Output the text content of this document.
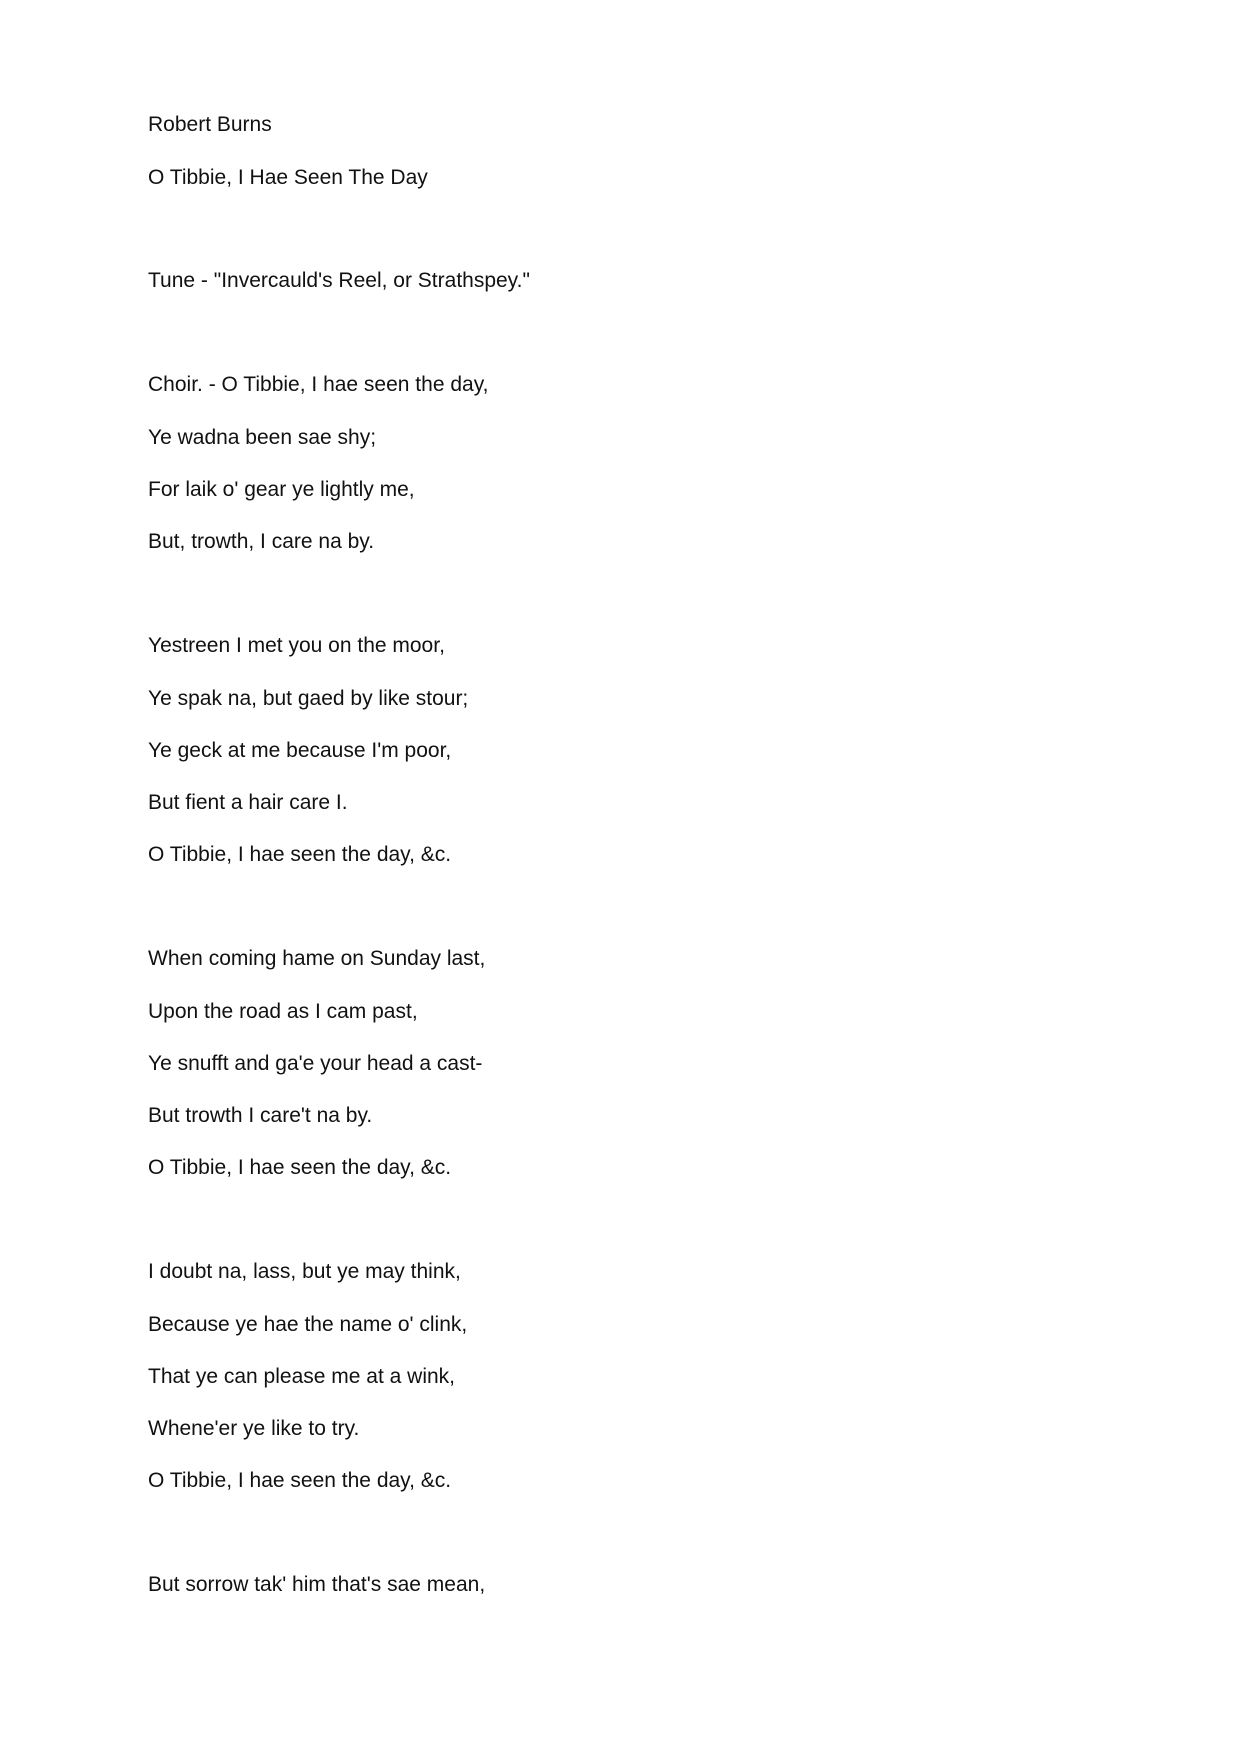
Robert Burns

O Tibbie, I Hae Seen The Day

Tune - "Invercauld's Reel, or Strathspey."

Choir. - O Tibbie, I hae seen the day,

Ye wadna been sae shy;

For laik o' gear ye lightly me,

But, trowth, I care na by.

Yestreen I met you on the moor,

Ye spak na, but gaed by like stour;

Ye geck at me because I'm poor,

But fient a hair care I.

O Tibbie, I hae seen the day, &c.

When coming hame on Sunday last,

Upon the road as I cam past,

Ye snufft and ga'e your head a cast-

But trowth I care't na by.

O Tibbie, I hae seen the day, &c.

I doubt na, lass, but ye may think,

Because ye hae the name o' clink,

That ye can please me at a wink,

Whene'er ye like to try.

O Tibbie, I hae seen the day, &c.

But sorrow tak' him that's sae mean,
